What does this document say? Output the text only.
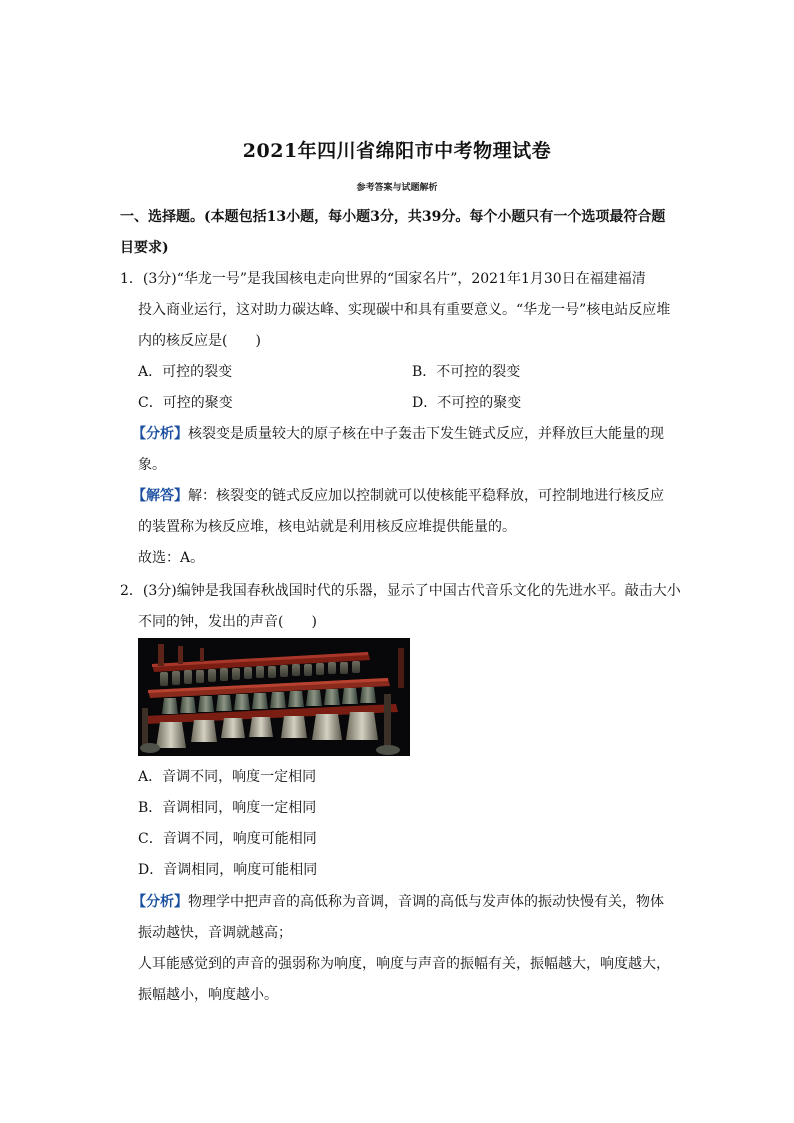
2021年四川省绵阳市中考物理试卷
参考答案与试题解析
一、选择题。(本题包括13小题，每小题3分，共39分。每个小题只有一个选项最符合题
目要求)
1．(3分)“华龙一号”是我国核电走向世界的“国家名片”，2021年1月30日在福建福清
投入商业运行，这对助力碳达峰、实现碳中和具有重要意义。“华龙一号”核电站反应堆
内的核反应是(　　)
A．可控的裂变	B．不可控的裂变
C．可控的聚变	D．不可控的聚变
【分析】核裂变是质量较大的原子核在中子轰击下发生链式反应，并释放巨大能量的现
象。
【解答】解：核裂变的链式反应加以控制就可以使核能平稳释放，可控制地进行核反应
的装置称为核反应堆，核电站就是利用核反应堆提供能量的。
故选：A。
2．(3分)编钟是我国春秋战国时代的乐器，显示了中国古代音乐文化的先进水平。敲击大小
不同的钟，发出的声音(　　)
A．音调不同，响度一定相同
B．音调相同，响度一定相同
C．音调不同，响度可能相同
D．音调相同，响度可能相同
【分析】物理学中把声音的高低称为音调，音调的高低与发声体的振动快慢有关，物体
振动越快，音调就越高；
人耳能感觉到的声音的强弱称为响度，响度与声音的振幅有关，振幅越大，响度越大，
振幅越小，响度越小。
